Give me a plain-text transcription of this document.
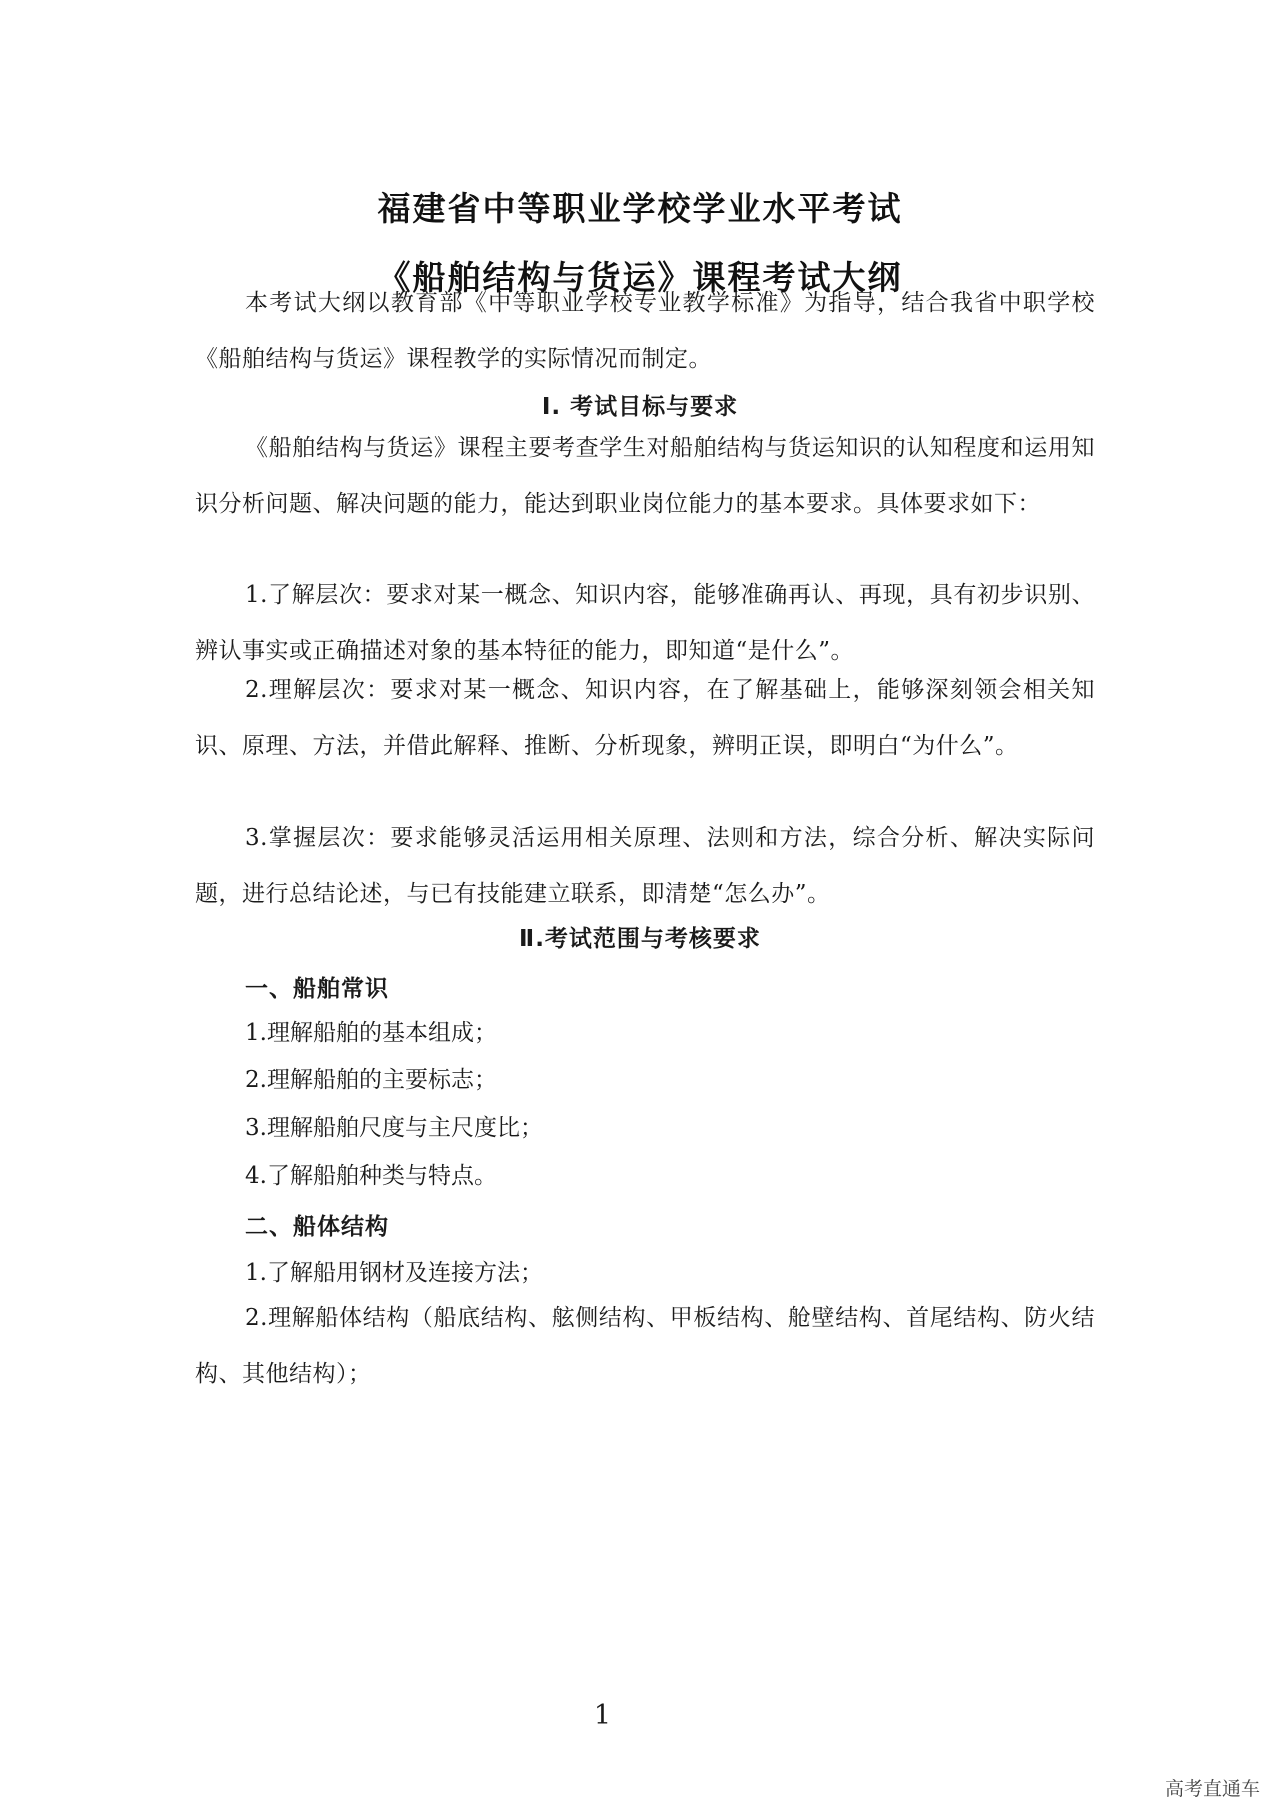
福建省中等职业学校学业水平考试
《船舶结构与货运》课程考试大纲
本考试大纲以教育部《中等职业学校专业教学标准》为指导，结合我省中职学校《船舶结构与货运》课程教学的实际情况而制定。
Ⅰ. 考试目标与要求
《船舶结构与货运》课程主要考查学生对船舶结构与货运知识的认知程度和运用知识分析问题、解决问题的能力，能达到职业岗位能力的基本要求。具体要求如下：
1.了解层次：要求对某一概念、知识内容，能够准确再认、再现，具有初步识别、辨认事实或正确描述对象的基本特征的能力，即知道“是什么”。
2.理解层次：要求对某一概念、知识内容，在了解基础上，能够深刻领会相关知识、原理、方法，并借此解释、推断、分析现象，辨明正误，即明白“为什么”。
3.掌握层次：要求能够灵活运用相关原理、法则和方法，综合分析、解决实际问题，进行总结论述，与已有技能建立联系，即清楚“怎么办”。
Ⅱ.考试范围与考核要求
一、船舶常识
1.理解船舶的基本组成；
2.理解船舶的主要标志；
3.理解船舶尺度与主尺度比；
4.了解船舶种类与特点。
二、船体结构
1.了解船用钢材及连接方法；
2.理解船体结构（船底结构、舷侧结构、甲板结构、舱壁结构、首尾结构、防火结构、其他结构）；
1
高考直通车
